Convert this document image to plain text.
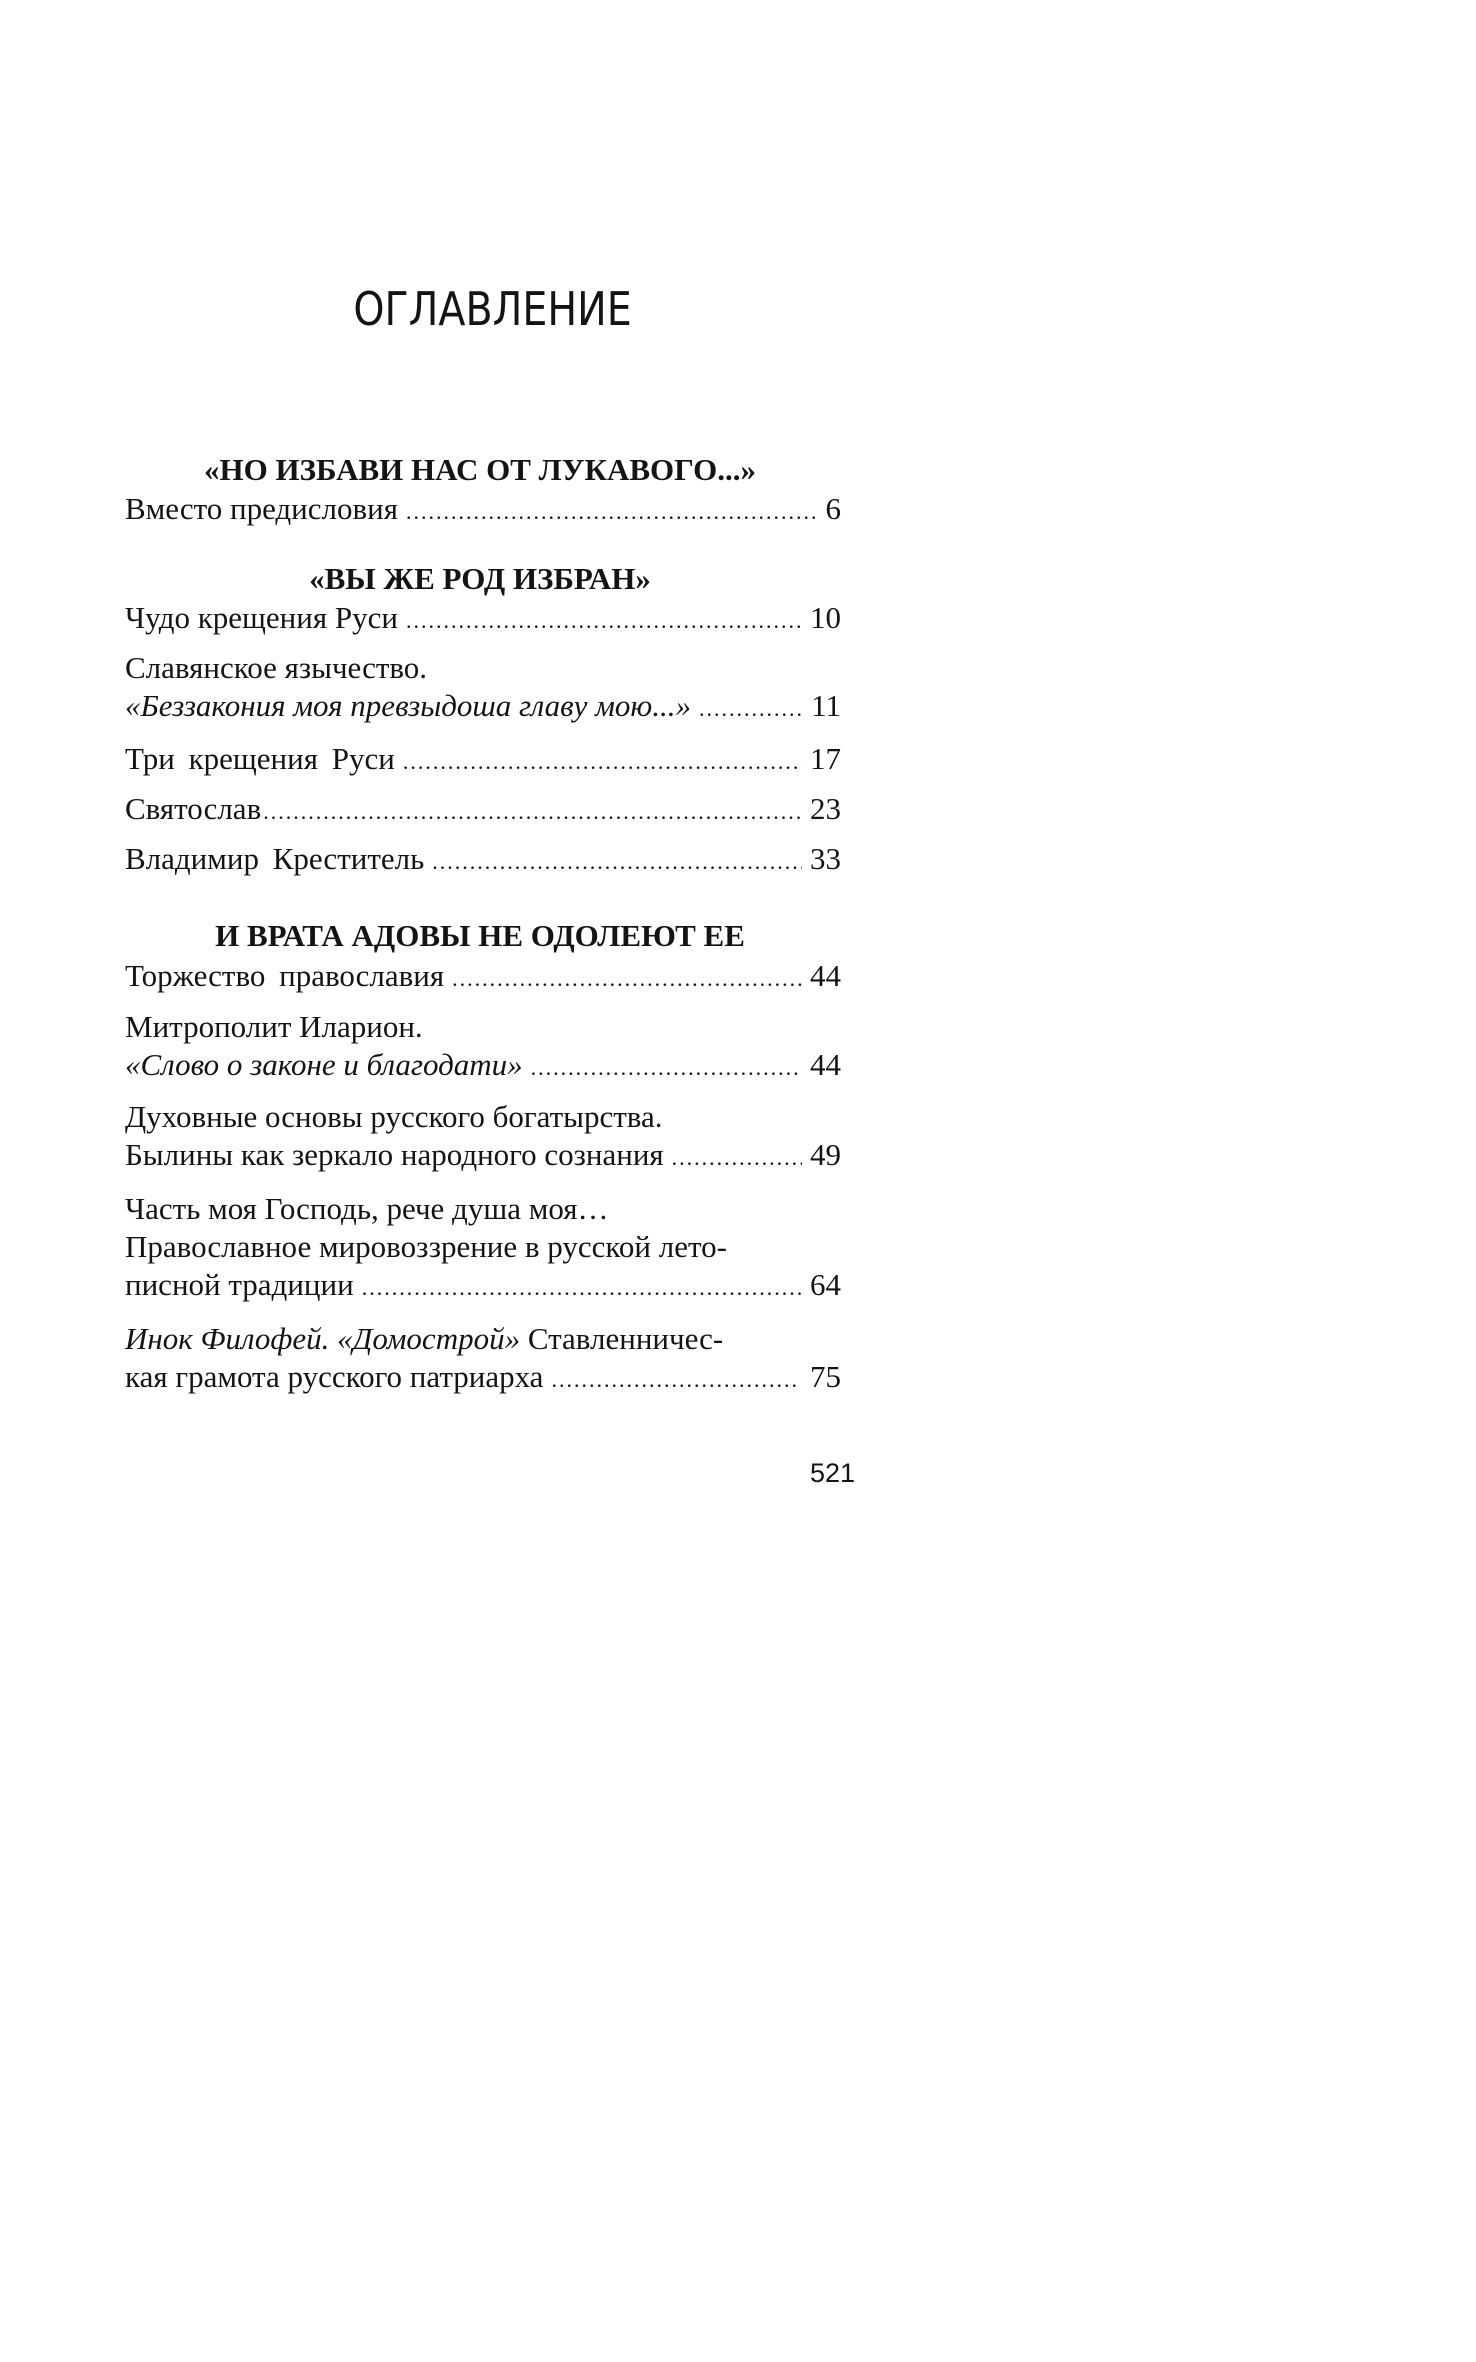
ОГЛАВЛЕНИЕ
«НО ИЗБАВИ НАС ОТ ЛУКАВОГО...»
Вместо предисловия .....	6
«ВЫ ЖЕ РОД ИЗБРАН»
Чудо крещения Руси .....	10
Славянское язычество.
«Беззакония моя превзыдоша главу мою...» .....	11
Три крещения Руси .....	17
Святослав .....	23
Владимир Креститель .....	33
И ВРАТА АДОВЫ НЕ ОДОЛЕЮТ ЕЕ
Торжество православия .....	44
Митрополит Иларион.
«Слово о законе и благодати» .....	44
Духовные основы русского богатырства.
Былины как зеркало народного сознания .....	49
Часть моя Господь, рече душа моя…
Православное мировоззрение в русской лето-
писной традиции .....	64
Инок Филофей. «Домострой» Ставленничес-
кая грамота русского патриарха .....	75
521
